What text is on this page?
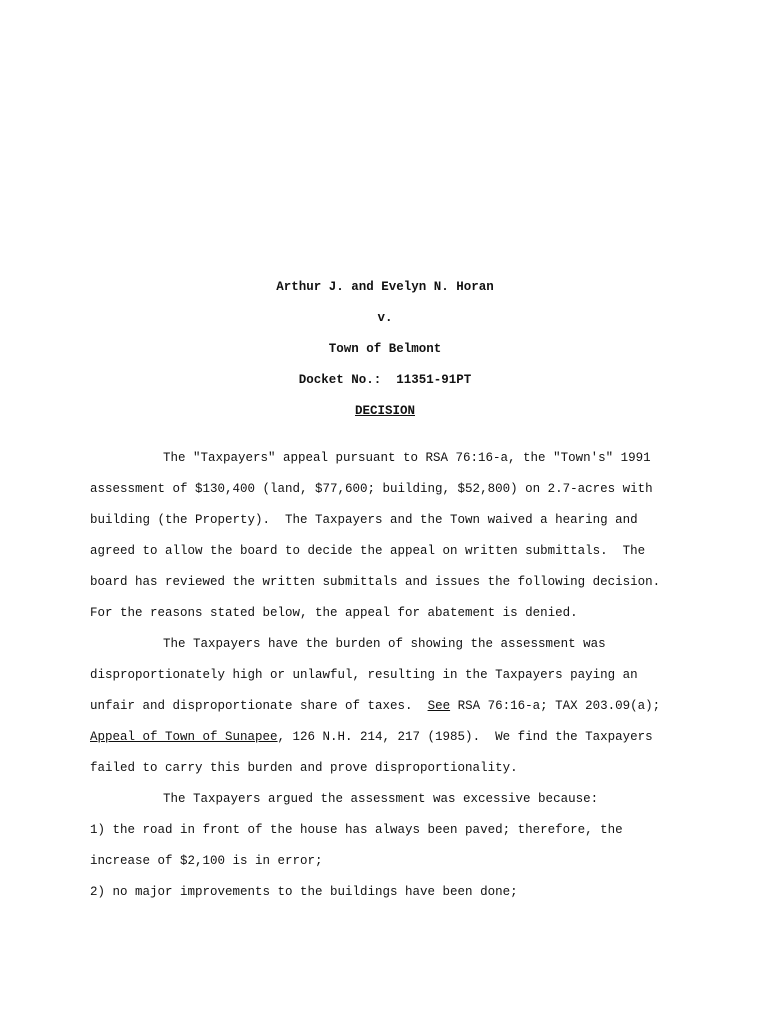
Arthur J. and Evelyn N. Horan
v.
Town of Belmont
Docket No.:  11351-91PT
DECISION
The "Taxpayers" appeal pursuant to RSA 76:16-a, the "Town's" 1991
assessment of $130,400 (land, $77,600; building, $52,800) on 2.7-acres with
building (the Property).  The Taxpayers and the Town waived a hearing and
agreed to allow the board to decide the appeal on written submittals.  The
board has reviewed the written submittals and issues the following decision.
For the reasons stated below, the appeal for abatement is denied.
The Taxpayers have the burden of showing the assessment was
disproportionately high or unlawful, resulting in the Taxpayers paying an
unfair and disproportionate share of taxes.  See RSA 76:16-a; TAX 203.09(a);
Appeal of Town of Sunapee, 126 N.H. 214, 217 (1985).  We find the Taxpayers
failed to carry this burden and prove disproportionality.
The Taxpayers argued the assessment was excessive because:
1) the road in front of the house has always been paved; therefore, the
increase of $2,100 is in error;
2) no major improvements to the buildings have been done;
